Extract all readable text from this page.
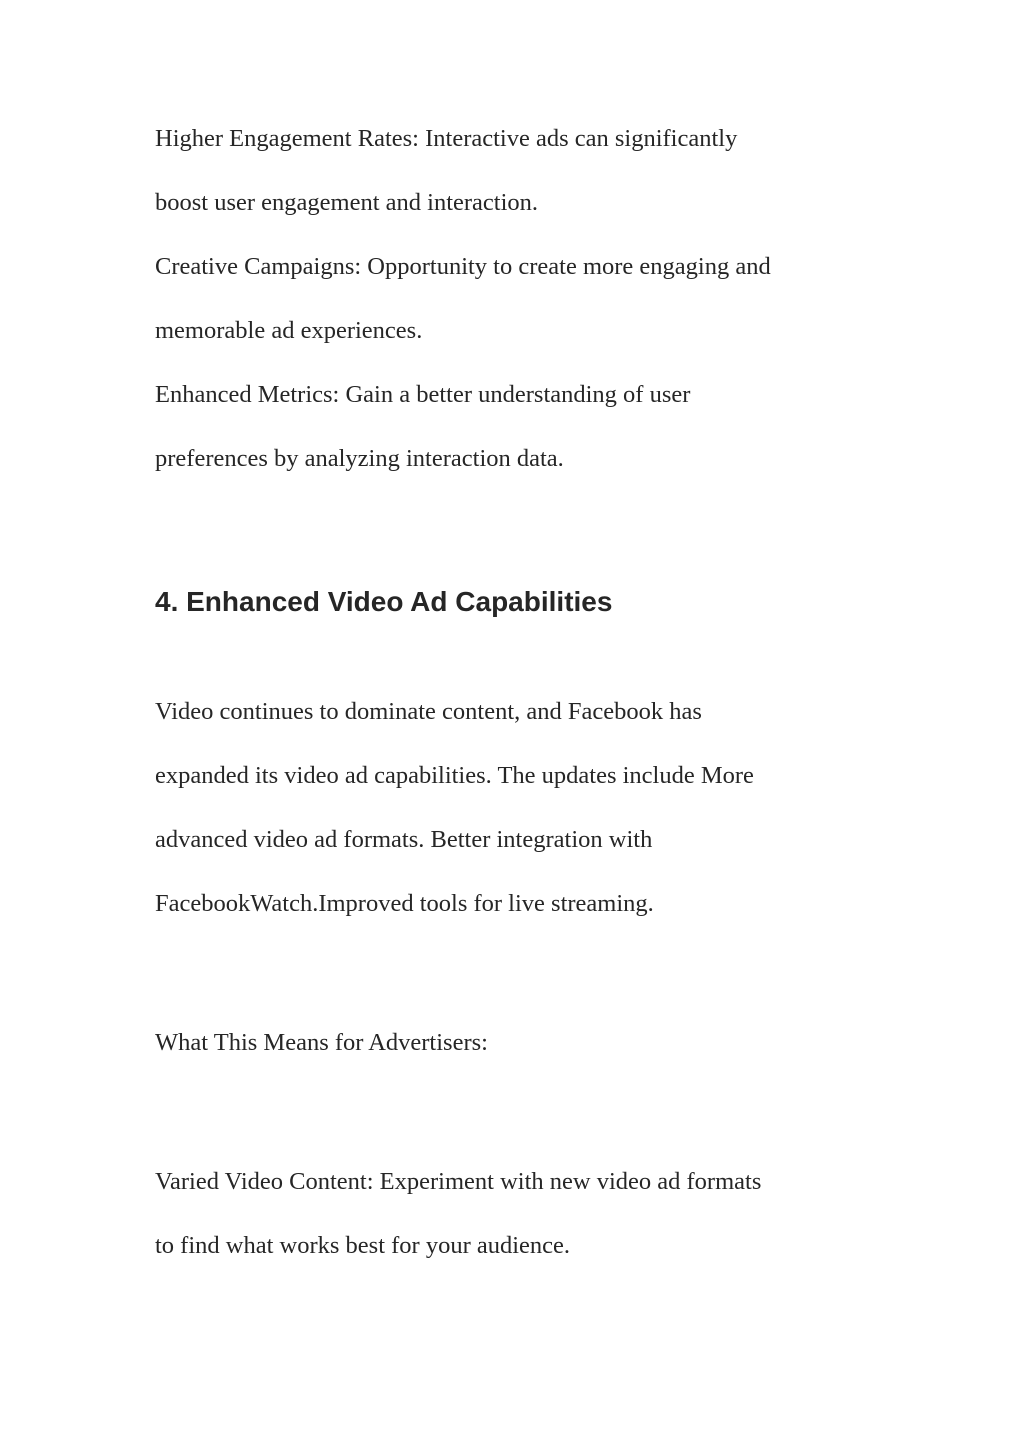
Higher Engagement Rates: Interactive ads can significantly
boost user engagement and interaction.
Creative Campaigns: Opportunity to create more engaging and
memorable ad experiences.
Enhanced Metrics: Gain a better understanding of user
preferences by analyzing interaction data.
4. Enhanced Video Ad Capabilities
Video continues to dominate content, and Facebook has
expanded its video ad capabilities. The updates include More
advanced video ad formats. Better integration with
FacebookWatch.Improved tools for live streaming.
What This Means for Advertisers:
Varied Video Content: Experiment with new video ad formats
to find what works best for your audience.
